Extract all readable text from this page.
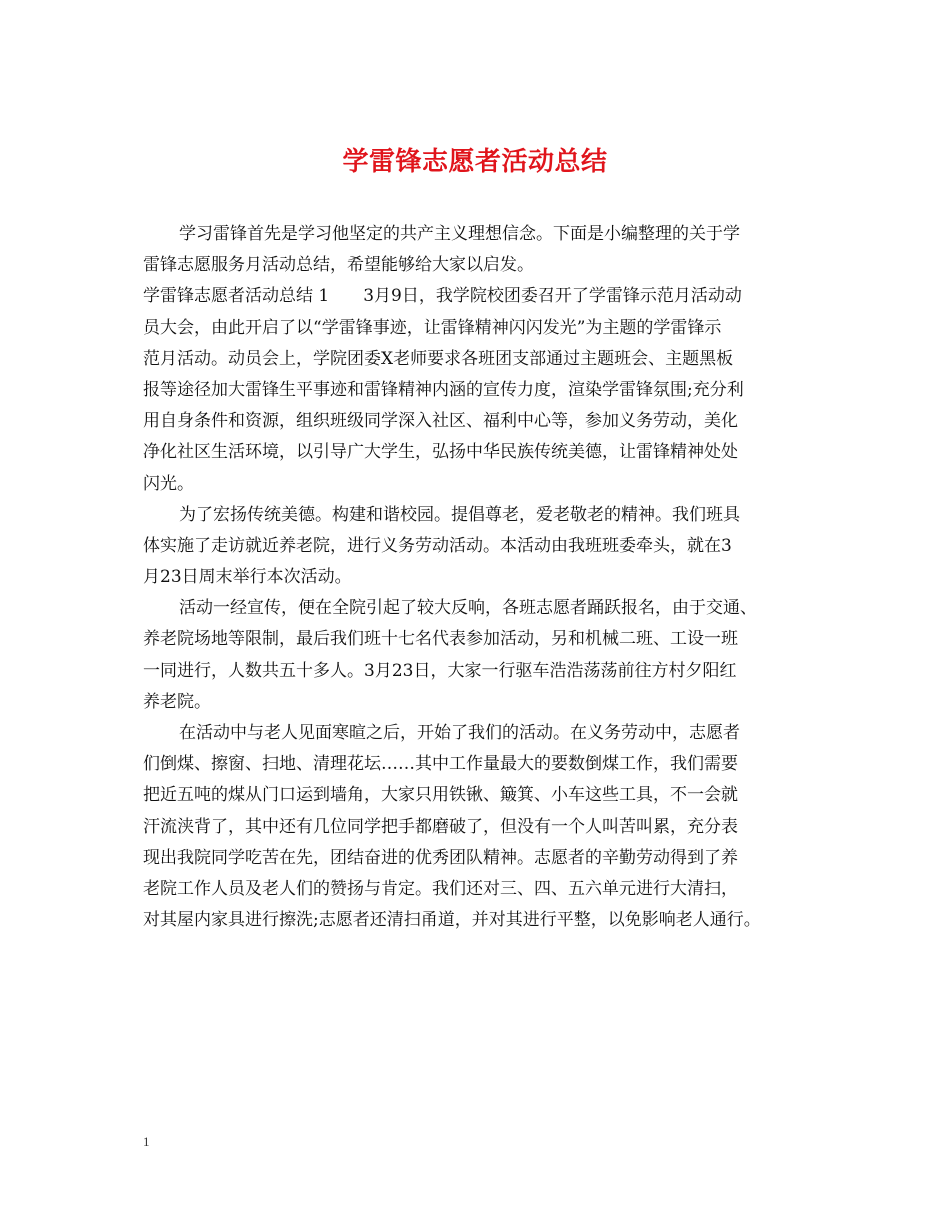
学雷锋志愿者活动总结
学习雷锋首先是学习他坚定的共产主义理想信念。下面是小编整理的关于学
雷锋志愿服务月活动总结，希望能够给大家以启发。
学雷锋志愿者活动总结 1　　3月9日，我学院校团委召开了学雷锋示范月活动动
员大会，由此开启了以“学雷锋事迹，让雷锋精神闪闪发光”为主题的学雷锋示
范月活动。动员会上，学院团委X老师要求各班团支部通过主题班会、主题黑板
报等途径加大雷锋生平事迹和雷锋精神内涵的宣传力度，渲染学雷锋氛围;充分利
用自身条件和资源，组织班级同学深入社区、福利中心等，参加义务劳动，美化
净化社区生活环境，以引导广大学生，弘扬中华民族传统美德，让雷锋精神处处
闪光。
为了宏扬传统美德。构建和谐校园。提倡尊老，爱老敬老的精神。我们班具
体实施了走访就近养老院，进行义务劳动活动。本活动由我班班委牵头，就在3
月23日周末举行本次活动。
活动一经宣传，便在全院引起了较大反响，各班志愿者踊跃报名，由于交通、
养老院场地等限制，最后我们班十七名代表参加活动，另和机械二班、工设一班
一同进行，人数共五十多人。3月23日，大家一行驱车浩浩荡荡前往方村夕阳红
养老院。
在活动中与老人见面寒暄之后，开始了我们的活动。在义务劳动中，志愿者
们倒煤、擦窗、扫地、清理花坛……其中工作量最大的要数倒煤工作，我们需要
把近五吨的煤从门口运到墙角，大家只用铁锹、簸箕、小车这些工具，不一会就
汗流浃背了，其中还有几位同学把手都磨破了，但没有一个人叫苦叫累，充分表
现出我院同学吃苦在先，团结奋进的优秀团队精神。志愿者的辛勤劳动得到了养
老院工作人员及老人们的赞扬与肯定。我们还对三、四、五六单元进行大清扫，
对其屋内家具进行擦洗;志愿者还清扫甬道，并对其进行平整，以免影响老人通行。
1
